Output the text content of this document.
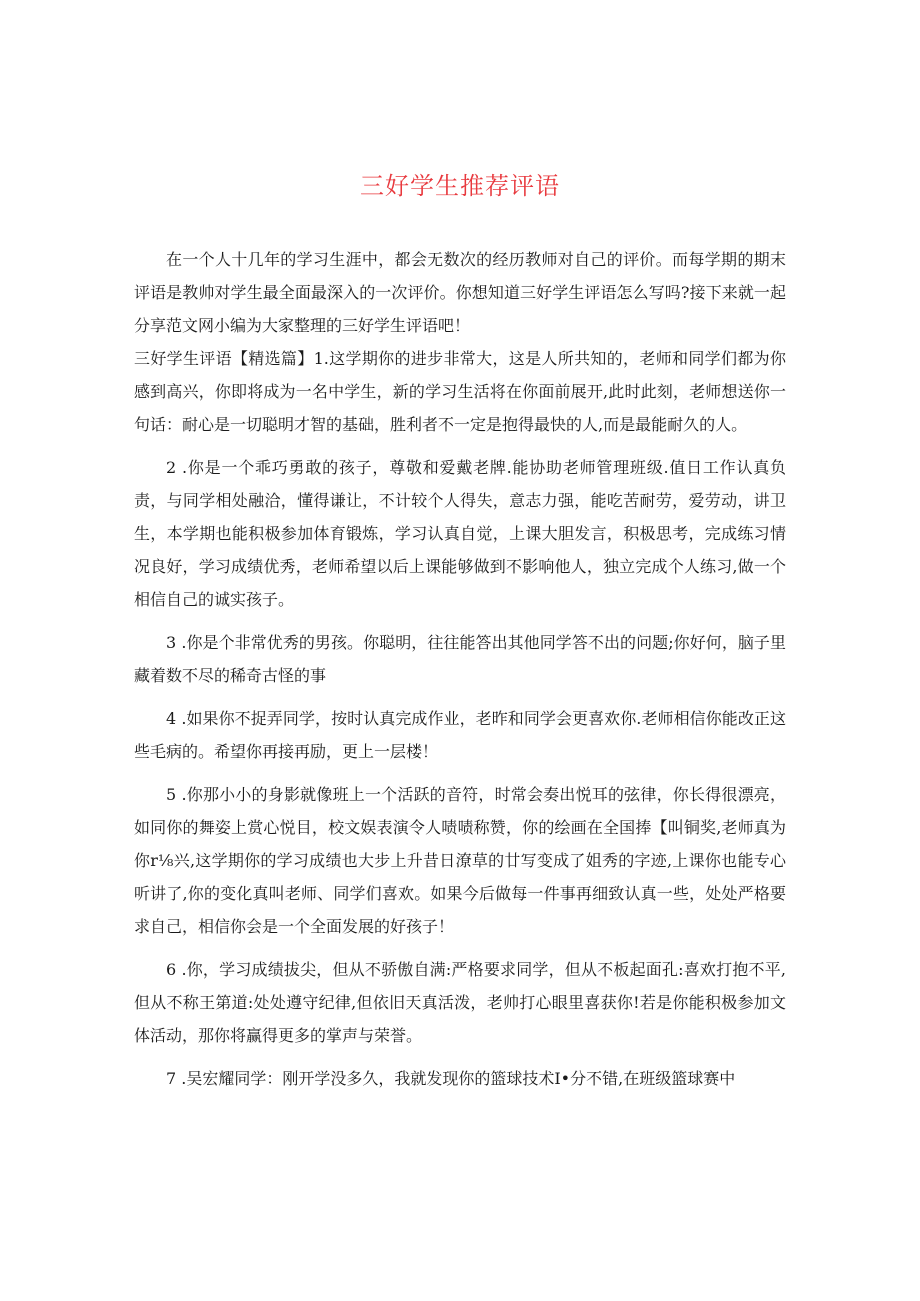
三好学生推荐评语

在一个人十几年的学习生涯中，都会无数次的经历教师对自己的评价。而每学期的期末评语是教帅对学生最全面最深入的一次评价。你想知道三好学生评语怎么写吗?接下来就一起分享范文网小编为大家整理的三好学生评语吧！

三好学生评语【精选篇】1.这学期你的进步非常大，这是人所共知的，老师和同学们都为你感到高兴，你即将成为一名中学生，新的学习生活将在你面前展开,此时此刻，老师想送你一句话：耐心是一切聪明才智的基础，胜利者不一定是抱得最快的人,而是最能耐久的人。

2 .你是一个乖巧勇敢的孩子，尊敬和爱戴老牌.能协助老师管理班级.值日工作认真负责，与同学相处融洽，懂得谦让，不计较个人得失，意志力强，能吃苦耐劳，爱劳动，讲卫生，本学期也能积极参加体育锻炼，学习认真自觉，上课大胆发言，积极思考，完成练习情况良好，学习成绩优秀，老师希望以后上课能够做到不影响他人，独立完成个人练习,做一个相信自己的诚实孩子。

3 .你是个非常优秀的男孩。你聪明，往往能答出其他同学答不出的问题;你好何，脑子里藏着数不尽的稀奇古怪的事

4 .如果你不捉弄同学，按时认真完成作业，老昨和同学会更喜欢你.老师相信你能改正这些毛病的。希望你再接再励，更上一层楼！

5 .你那小小的身影就像班上一个活跃的音符，时常会奏出悦耳的弦律，你长得很漂亮，如同你的舞姿上赏心悦目，校文娱表演令人啧啧称赞，你的绘画在全国捧【叫铜奖,老师真为你r⅛兴,这学期你的学习成绩也大步上升昔日潦草的廿写变成了姐秀的字迹,上课你也能专心听讲了,你的变化真叫老师、同学们喜欢。如果今后做每一件事再细致认真一些，处处严格要求自己，相信你会是一个全面发展的好孩子！

6 .你，学习成绩拔尖，但从不骄傲自满:严格要求同学，但从不板起面孔:喜欢打抱不平,但从不称王第道:处处遵守纪律,但依旧天真活泼，老帅打心眼里喜获你!若是你能积极参加文体活动，那你将赢得更多的掌声与荣誉。

7 .吴宏耀同学：刚开学没多久，我就发现你的篮球技术I•分不错,在班级篮球赛中
